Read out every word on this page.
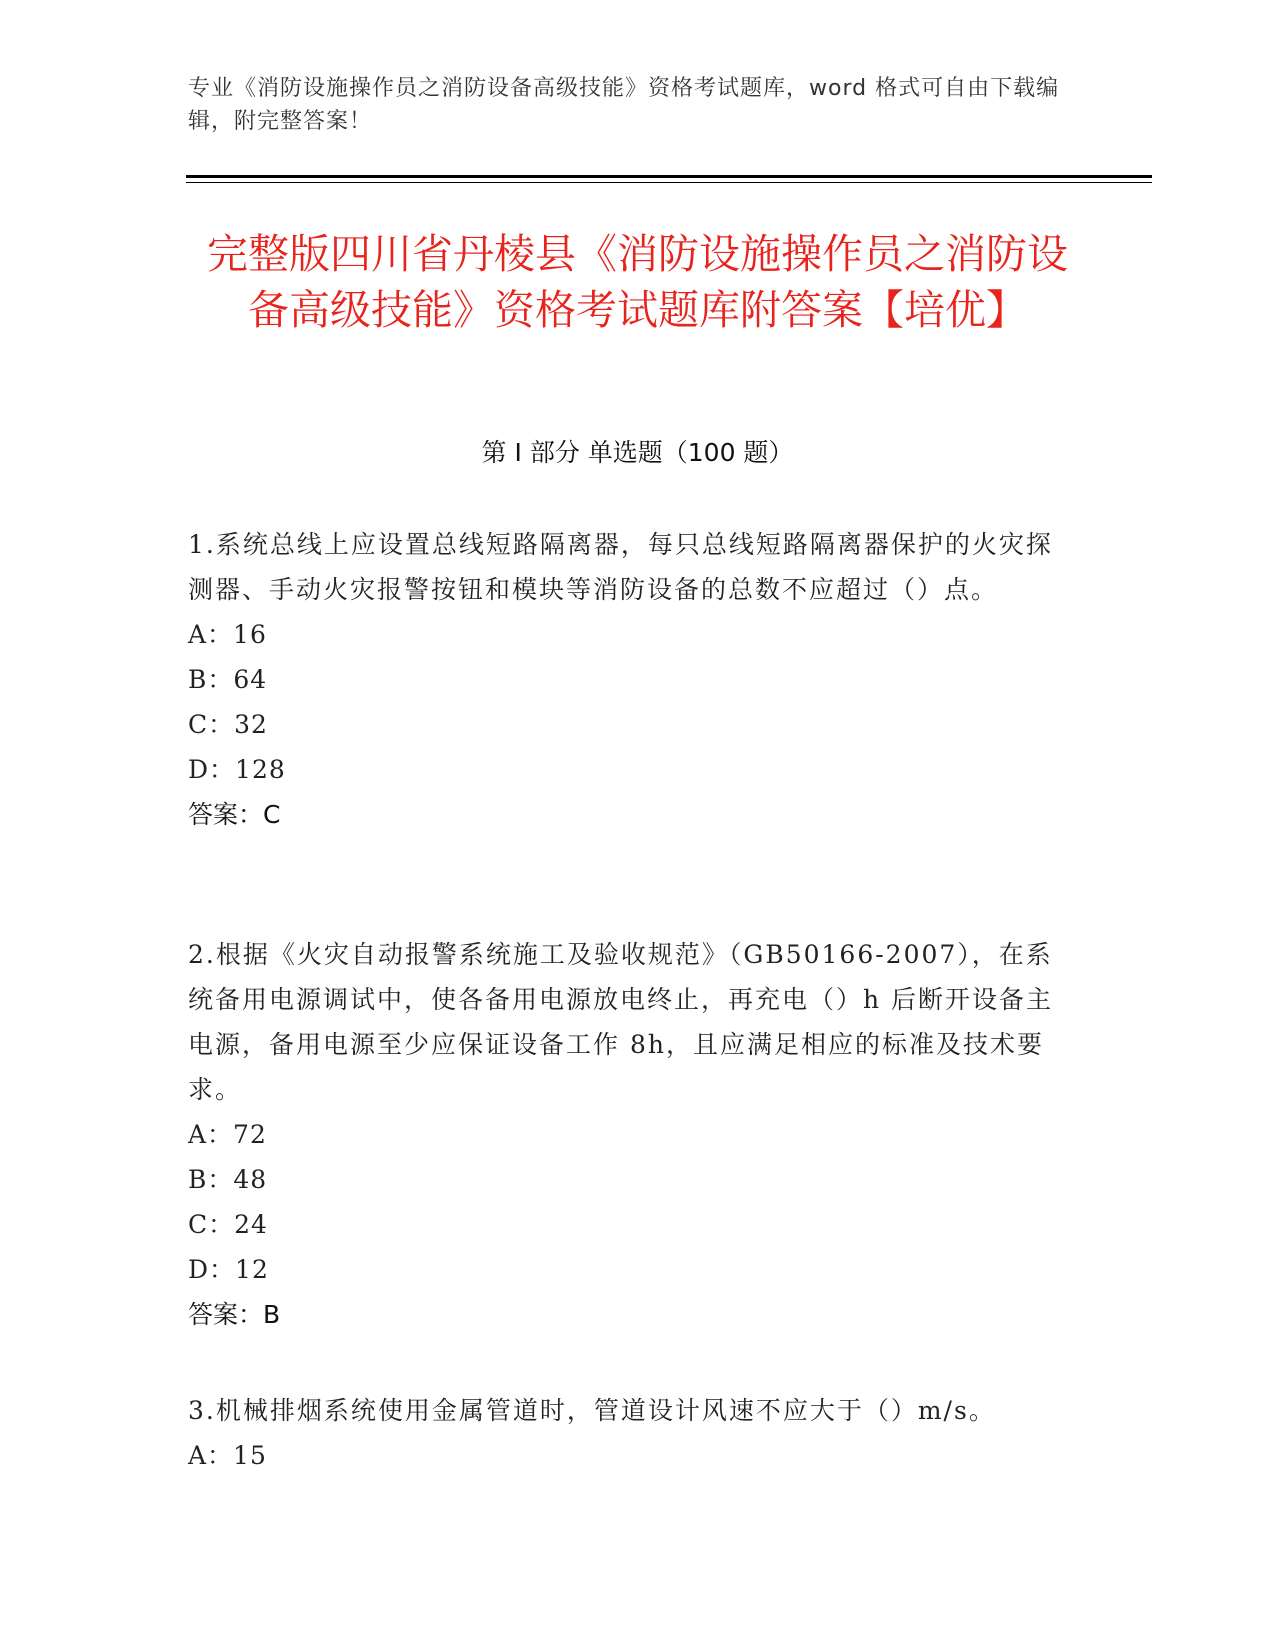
专业《消防设施操作员之消防设备高级技能》资格考试题库，word 格式可自由下载编辑，附完整答案！
完整版四川省丹棱县《消防设施操作员之消防设备高级技能》资格考试题库附答案【培优】
第 I 部分 单选题（100 题）

1.系统总线上应设置总线短路隔离器，每只总线短路隔离器保护的火灾探测器、手动火灾报警按钮和模块等消防设备的总数不应超过（）点。

A：16

B：64

C：32

D：128

答案：C

2.根据《火灾自动报警系统施工及验收规范》（GB50166-2007），在系统备用电源调试中，使各备用电源放电终止，再充电（）h 后断开设备主电源，备用电源至少应保证设备工作 8h，且应满足相应的标准及技术要求。

A：72

B：48

C：24

D：12

答案：B

3.机械排烟系统使用金属管道时，管道设计风速不应大于（）m/s。

A：15
